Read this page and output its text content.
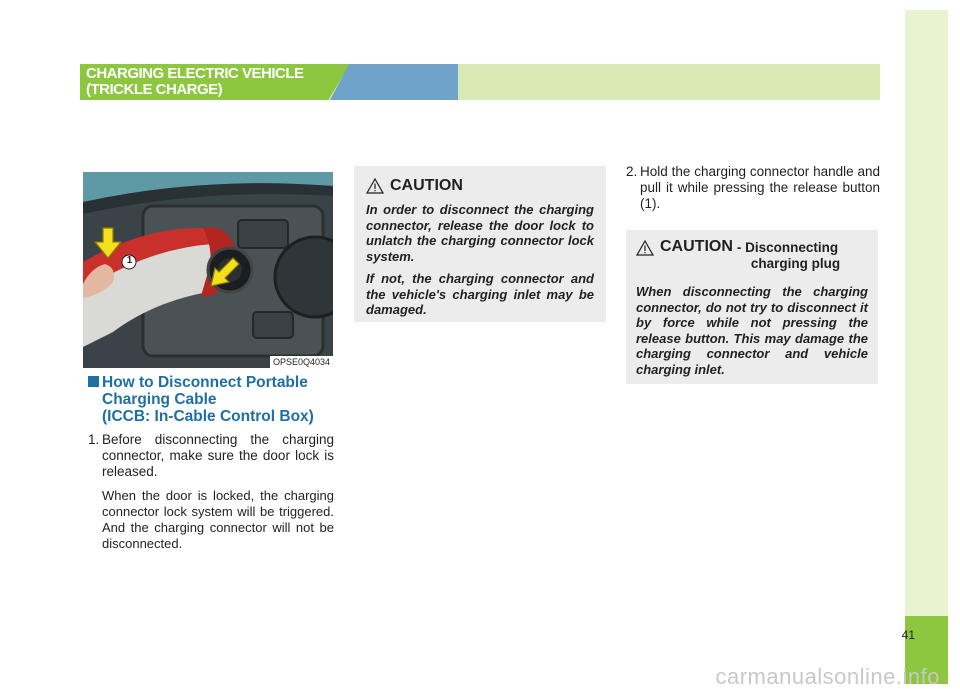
41
CHARGING ELECTRIC VEHICLE
(TRICKLE CHARGE)
1
OPSE0Q4034
How to Disconnect Portable
Charging Cable
(ICCB: In-Cable Control Box)
1. Before disconnecting the charging connector, make sure the door lock is released.
When the door is locked, the charging connector lock system will be triggered. And the charging connector will not be disconnected.
CAUTION

In order to disconnect the charging connector, release the door lock to unlatch the charging connector lock system.

If not, the charging connector and the vehicle's charging inlet may be damaged.

2. Hold the charging connector handle and pull it while pressing the release button (1).
CAUTION - Disconnecting
charging plug
When disconnecting the charging connector, do not try to disconnect it by force while not pressing the release button. This may damage the charging connector and vehicle charging inlet.
carmanualsonline.info
